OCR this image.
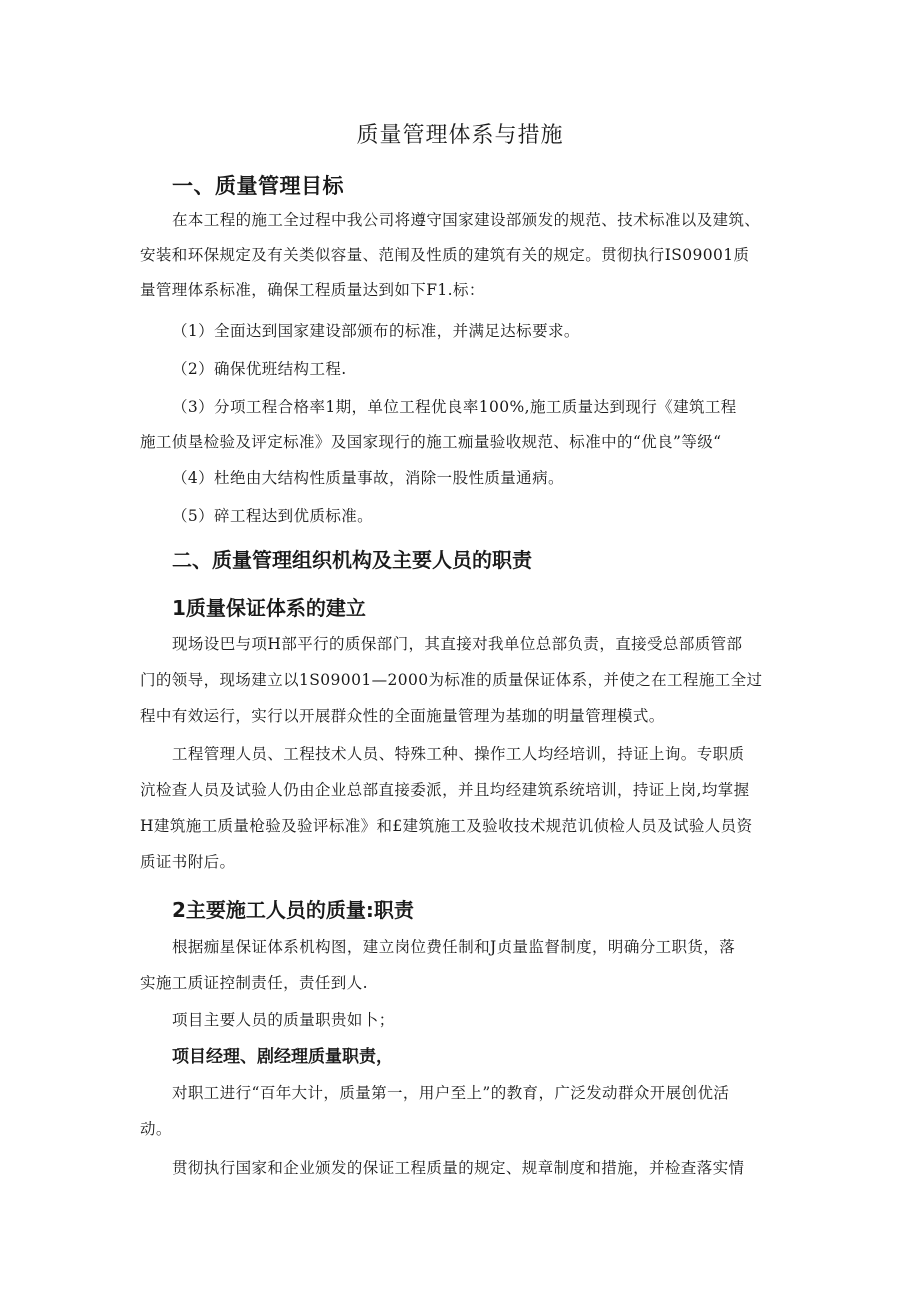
质量管理体系与措施
一、质量管理目标
在本工程的施工全过程中我公司将遵守国家建设部颁发的规范、技术标准以及建筑、
安装和环保规定及有关类似容量、范闱及性质的建筑有关的规定。贯彻执行IS09001质
量管理体系标准，确保工程质量达到如下F1.标：
（1）全面达到国家建设部颁布的标准，并满足达标要求。
（2）确保优班结构工程.
（3）分项工程合格率1期，单位工程优良率100%,施工质量达到现行《建筑工程
施工侦垦检验及评定标准》及国家现行的施工痂量验收规范、标准中的“优良”等级“
（4）杜绝由大结构性质量事故，消除一股性质量通病。
（5）碎工程达到优质标准。
二、质量管理组织机构及主要人员的职责
1质量保证体系的建立
现场设巴与项H部平行的质保部门，其直接对我单位总部负责，直接受总部质管部
门的领导，现场建立以1S09001—2000为标准的质量保证体系，并使之在工程施工全过
程中有效运行，实行以开展群众性的全面施量管理为基珈的明量管理模式。
工程管理人员、工程技术人员、特殊工种、操作工人均经培训，持证上询。专职质
沆检查人员及试验人仍由企业总部直接委派，并且均经建筑系统培训，持证上岗,均掌握
H建筑施工质量枪验及验评标准》和£建筑施工及验收技术规范讥侦检人员及试验人员资
质证书附后。
2主要施工人员的质量:职责
根据痂星保证体系机构图，建立岗位费任制和J贞量监督制度，明确分工职货，落
实施工质证控制责任，责任到人.
项目主要人员的质量职贵如卜；
项目经理、剧经理质量职责，
对职工进行“百年大计，质量第一，用户至上”的教育，广泛发动群众开展创优活
动。
贯彻执行国家和企业颁发的保证工程质量的规定、规章制度和措施，并检查落实情
